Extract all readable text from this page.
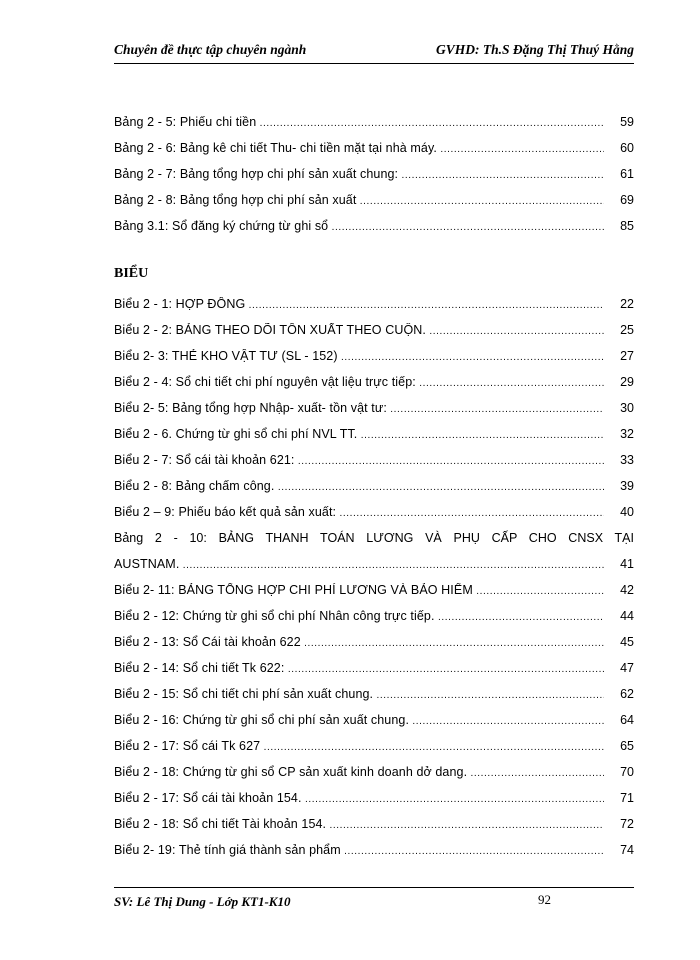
Chuyên đề thực tập chuyên ngành	GVHD: Th.S Đặng Thị Thuý Hằng
Bảng 2 - 5: Phiếu chi tiền .....	59
Bảng 2 - 6: Bảng kê chi tiết Thu- chi tiền mặt tại nhà máy. .....	60
Bảng 2 - 7: Bảng tổng hợp chi phí sản xuất chung: .....	61
Bảng 2 - 8: Bảng tổng hợp chi phí sản xuất .....	69
Bảng 3.1: Sổ đăng ký chứng từ ghi sổ .....	85
BIỂU
Biểu 2 - 1: HỢP ĐỒNG .....	22
Biểu 2 - 2: BẢNG THEO DÕI TÔN XUẤT THEO CUỘN. .....	25
Biểu 2- 3: THẺ KHO VẬT TƯ (SL - 152) .....	27
Biểu 2 - 4: Sổ chi tiết chi phí nguyên vật liệu trực tiếp: .....	29
Biểu 2- 5: Bảng tổng hợp Nhập- xuất- tồn vật tư: .....	30
Biểu 2 - 6. Chứng từ ghi sổ chi phí NVL TT. .....	32
Biểu 2 - 7: Sổ cái tài khoản 621: .....	33
Biểu 2 - 8: Bảng chấm công. .....	39
Biểu 2 – 9: Phiếu báo kết quả sản xuất: .....	40
Bảng 2 - 10: BẢNG THANH TOÁN LƯƠNG VÀ PHỤ CẤP CHO CNSX TẠI
AUSTNAM. .....	41
Biểu 2- 11: BẢNG TỔNG HỢP CHI PHÍ LƯƠNG VÀ BẢO HIỂM .....	42
Biểu 2 - 12: Chứng từ ghi sổ chi phí Nhân công trực tiếp. .....	44
Biểu 2 - 13: Sổ Cái tài khoản 622 .....	45
Biểu 2 - 14: Sổ chi tiết Tk 622: .....	47
Biểu 2 - 15: Sổ chi tiết chi phí sản xuất chung. .....	62
Biểu 2 - 16: Chứng từ ghi sổ chi phí sản xuất chung. .....	64
Biểu 2 - 17: Sổ cái Tk 627 .....	65
Biểu 2 - 18: Chứng từ ghi sổ CP sản xuất kinh doanh dở dang. .....	70
Biểu 2 - 17: Sổ cái tài khoản 154. .....	71
Biểu 2 - 18: Sổ chi tiết Tài khoản 154. .....	72
Biểu 2- 19: Thẻ tính giá thành sản phẩm .....	74
SV: Lê Thị Dung - Lớp KT1-K10	92
